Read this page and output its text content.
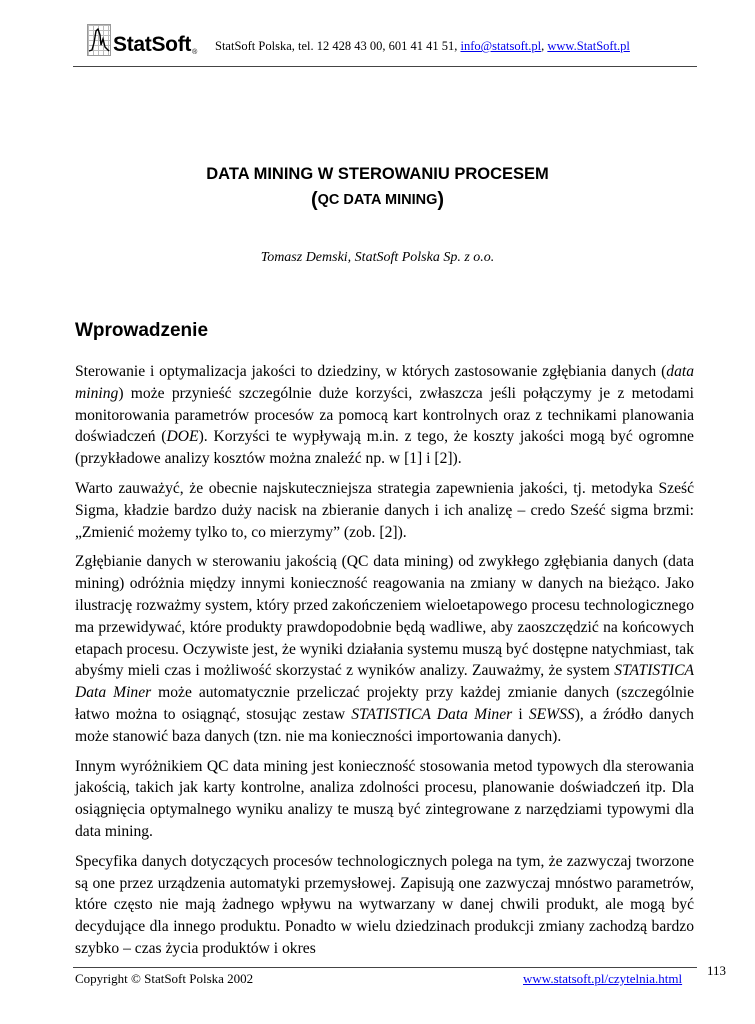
StatSoft ® StatSoft Polska, tel. 12 428 43 00, 601 41 41 51, info@statsoft.pl, www.StatSoft.pl
DATA MINING W STEROWANIU PROCESEM
(QC DATA MINING)
Tomasz Demski, StatSoft Polska Sp. z o.o.
Wprowadzenie

Sterowanie i optymalizacja jakości to dziedziny, w których zastosowanie zgłębiania danych (data mining) może przynieść szczególnie duże korzyści, zwłaszcza jeśli połączymy je z metodami monitorowania parametrów procesów za pomocą kart kontrolnych oraz z technikami planowania doświadczeń (DOE). Korzyści te wypływają m.in. z tego, że koszty jakości mogą być ogromne (przykładowe analizy kosztów można znaleźć np. w [1] i [2]).

Warto zauważyć, że obecnie najskuteczniejsza strategia zapewnienia jakości, tj. metodyka Sześć Sigma, kładzie bardzo duży nacisk na zbieranie danych i ich analizę – credo Sześć sigma brzmi: „Zmienić możemy tylko to, co mierzymy” (zob. [2]).

Zgłębianie danych w sterowaniu jakością (QC data mining) od zwykłego zgłębiania danych (data mining) odróżnia między innymi konieczność reagowania na zmiany w danych na bieżąco. Jako ilustrację rozważmy system, który przed zakończeniem wieloetapowego procesu technologicznego ma przewidywać, które produkty prawdopodobnie będą wadliwe, aby zaoszczędzić na końcowych etapach procesu. Oczywiste jest, że wyniki działania systemu muszą być dostępne natychmiast, tak abyśmy mieli czas i możliwość skorzystać z wyników analizy. Zauważmy, że system STATISTICA Data Miner może automatycznie przeliczać projekty przy każdej zmianie danych (szczególnie łatwo można to osiągnąć, stosując zestaw STATISTICA Data Miner i SEWSS), a źródło danych może stanowić baza danych (tzn. nie ma konieczności importowania danych).

Innym wyróżnikiem QC data mining jest konieczność stosowania metod typowych dla sterowania jakością, takich jak karty kontrolne, analiza zdolności procesu, planowanie doświadczeń itp. Dla osiągnięcia optymalnego wyniku analizy te muszą być zintegrowane z narzędziami typowymi dla data mining.

Specyfika danych dotyczących procesów technologicznych polega na tym, że zazwyczaj tworzone są one przez urządzenia automatyki przemysłowej. Zapisują one zazwyczaj mnóstwo parametrów, które często nie mają żadnego wpływu na wytwarzany w danej chwili produkt, ale mogą być decydujące dla innego produktu. Ponadto w wielu dziedzinach produkcji zmiany zachodzą bardzo szybko – czas życia produktów i okres

Copyright © StatSoft Polska 2002	www.statsoft.pl/czytelnia.html
113
